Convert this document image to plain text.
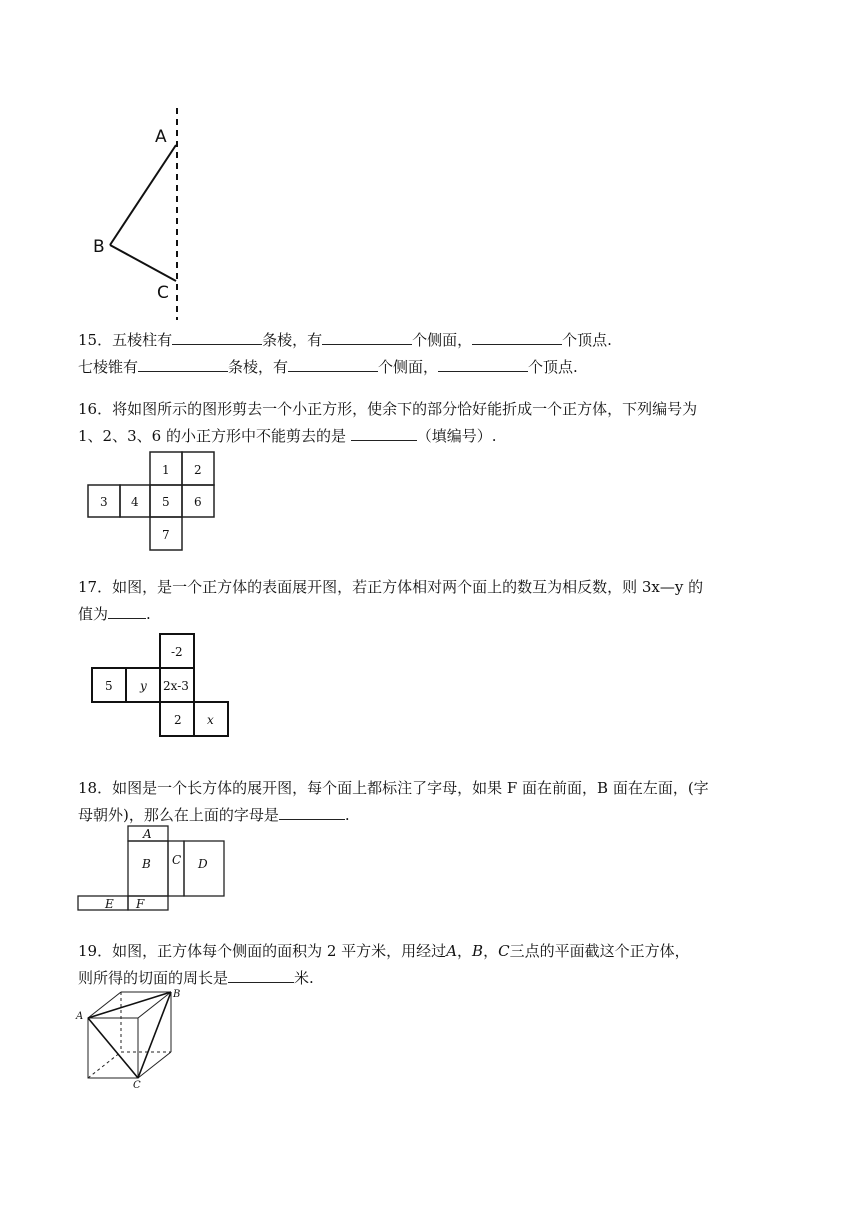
A
B
C

15．五棱柱有	条棱，有	个侧面，	个顶点.

七棱锥有	条棱，有	个侧面，	个顶点.

16．将如图所示的图形剪去一个小正方形，使余下的部分恰好能折成一个正方体，下列编号为

1、2、3、6 的小正方形中不能剪去的是	（填编号）.

1 2
3 4 5 6
7

17．如图，是一个正方体的表面展开图，若正方体相对两个面上的数互为相反数，则 3x—y 的

值为	.

-2
5 y 2x-3
2 x

18．如图是一个长方体的展开图，每个面上都标注了字母，如果 F 面在前面，B 面在左面，(字

母朝外)，那么在上面的字母是	.

A
B C D
E F

19．如图，正方体每个侧面的面积为 2 平方米，用经过A，B，C三点的平面截这个正方体，

则所得的切面的周长是	米.

A
B
C
